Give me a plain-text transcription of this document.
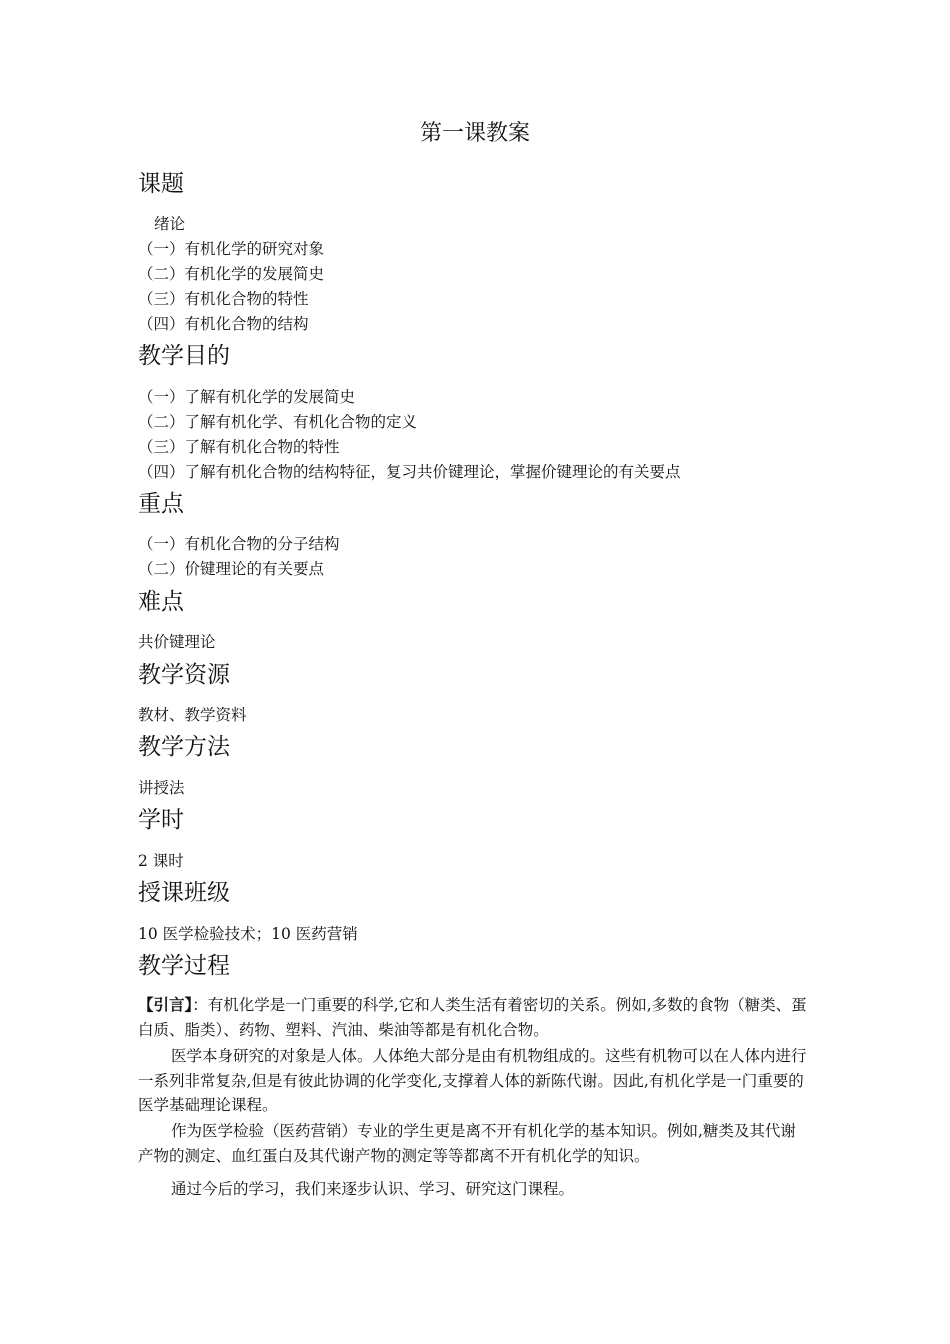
第一课教案
课题
绪论
（一）有机化学的研究对象
（二）有机化学的发展简史
（三）有机化合物的特性
（四）有机化合物的结构
教学目的
（一）了解有机化学的发展简史
（二）了解有机化学、有机化合物的定义
（三）了解有机化合物的特性
（四）了解有机化合物的结构特征，复习共价键理论，掌握价键理论的有关要点
重点
（一）有机化合物的分子结构
（二）价键理论的有关要点
难点
共价键理论
教学资源
教材、教学资料
教学方法
讲授法
学时
2 课时
授课班级
10 医学检验技术；10 医药营销
教学过程
【引言】：有机化学是一门重要的科学,它和人类生活有着密切的关系。例如,多数的食物（糖类、蛋白质、脂类）、药物、塑料、汽油、柴油等都是有机化合物。
医学本身研究的对象是人体。人体绝大部分是由有机物组成的。这些有机物可以在人体内进行一系列非常复杂,但是有彼此协调的化学变化,支撑着人体的新陈代谢。因此,有机化学是一门重要的医学基础理论课程。
作为医学检验（医药营销）专业的学生更是离不开有机化学的基本知识。例如,糖类及其代谢产物的测定、血红蛋白及其代谢产物的测定等等都离不开有机化学的知识。
通过今后的学习，我们来逐步认识、学习、研究这门课程。
